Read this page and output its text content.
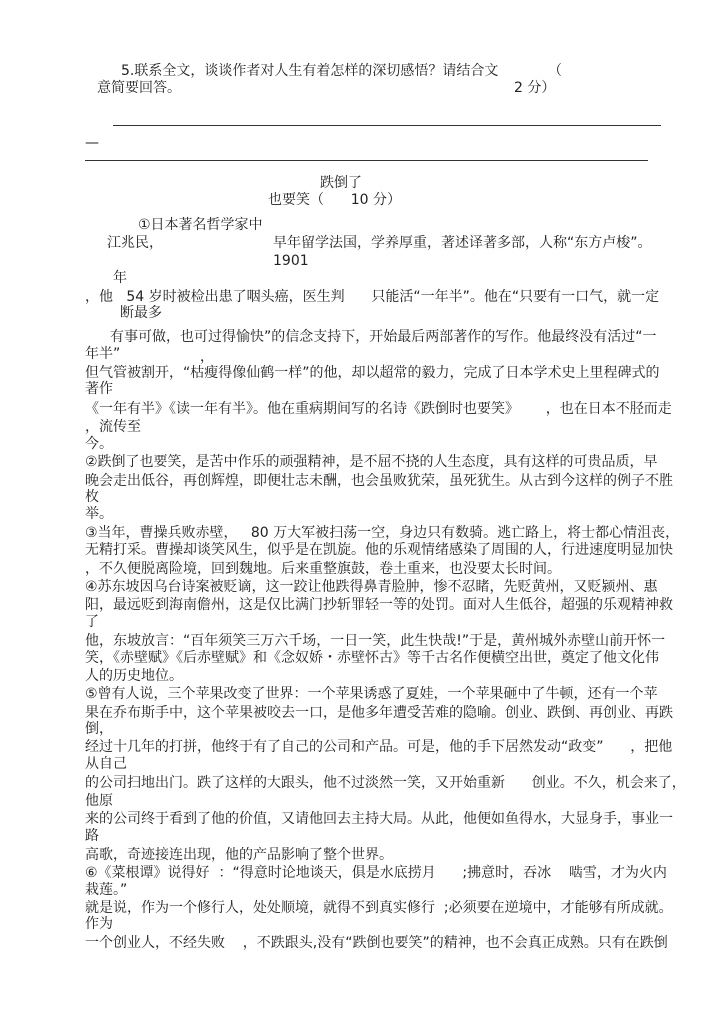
5.联系全文，谈谈作者对人生有着怎样的深切感悟？请结合文	（
意简要回答。	2 分）
—
跌倒了
也要笑（      10 分）
①日本著名哲学家中
江兆民，	早年留学法国，学养厚重，著述译著多部，人称“东方卢梭”。
1901
年
，他   54 岁时被检出患了咽头癌，医生判      只能活“一年半”。他在“只要有一口气，就一定
断最多
有事可做，也可过得愉快”的信念支持下，开始最后两部著作的写作。他最终没有活过“一
年半”	，
但气管被割开，“枯瘦得像仙鹤一样”的他，却以超常的毅力，完成了日本学术史上里程碑式的
著作
《一年有半》《读一年有半》。他在重病期间写的名诗《跌倒时也要笑》      ，也在日本不胫而走
，流传至
今。
②跌倒了也要笑，是苦中作乐的顽强精神，是不屈不挠的人生态度，具有这样的可贵品质，早
晚会走出低谷，再创辉煌，即便壮志未酬，也会虽败犹荣，虽死犹生。从古到今这样的例子不胜
枚
举。
③当年，曹操兵败赤壁，   80 万大军被扫荡一空，身边只有数骑。逃亡路上，将士都心情沮丧，
无精打采。曹操却谈笑风生，似乎是在凯旋。他的乐观情绪感染了周围的人，行进速度明显加快
，不久便脱离险境，回到魏地。后来重整旗鼓，卷土重来，也没要太长时间。
④苏东坡因乌台诗案被贬谪，这一跤让他跌得鼻青脸肿，惨不忍睹，先贬黄州，又贬颍州、惠
阳，最远贬到海南儋州，这是仅比满门抄斩罪轻一等的处罚。面对人生低谷，超强的乐观精神救
了
他，东坡放言：“百年须笑三万六千场，一日一笑，此生快哉!”于是，黄州城外赤壁山前开怀一
笑，《赤壁赋》《后赤壁赋》和《念奴娇・赤壁怀古》等千古名作便横空出世，奠定了他文化伟
人的历史地位。
⑤曾有人说，三个苹果改变了世界：一个苹果诱惑了夏娃，一个苹果砸中了牛顿，还有一个苹
果在乔布斯手中，这个苹果被咬去一口，是他多年遭受苦难的隐喻。创业、跌倒、再创业、再跌
倒，
经过十几年的打拼，他终于有了自己的公司和产品。可是，他的手下居然发动“政变”      ，把他
从自己
的公司扫地出门。跌了这样的大跟头，他不过淡然一笑，又开始重新      创业。不久，机会来了，
他原
来的公司终于看到了他的价值，又请他回去主持大局。从此，他便如鱼得水，大显身手，事业一
路
高歌，奇迹接连出现，他的产品影响了整个世界。
⑥《菜根谭》说得好  ：“得意时论地谈天，俱是水底捞月      ;拂意时，吞冰    啮雪，才为火内
栽莲。”
就是说，作为一个修行人，处处顺境，就得不到真实修行  ;必须要在逆境中，才能够有所成就。
作为
一个创业人，不经失败    ，不跌跟头,没有“跌倒也要笑”的精神，也不会真正成熟。只有在跌倒
